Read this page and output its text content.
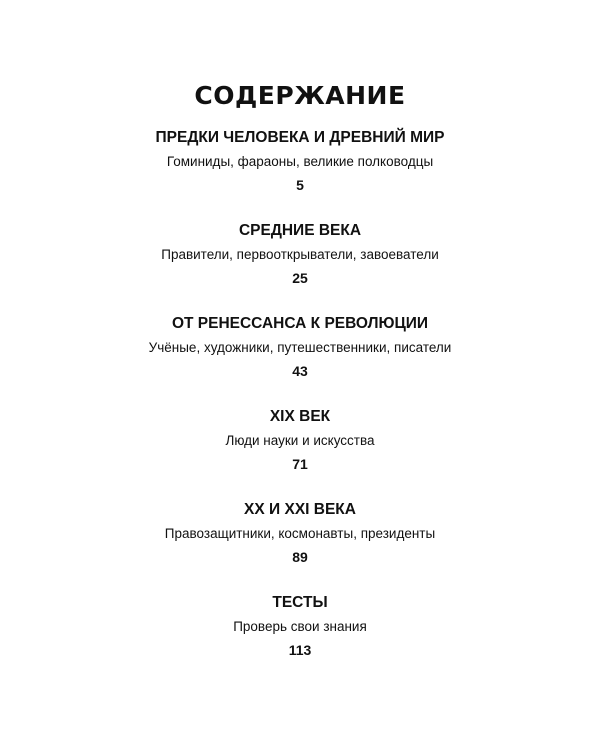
СОДЕРЖАНИЕ
ПРЕДКИ ЧЕЛОВЕКА И ДРЕВНИЙ МИР
Гоминиды, фараоны, великие полководцы
5
СРЕДНИЕ ВЕКА
Правители, первооткрыватели, завоеватели
25
ОТ РЕНЕССАНСА К РЕВОЛЮЦИИ
Учёные, художники, путешественники, писатели
43
XIX ВЕК
Люди науки и искусства
71
XX И XXI ВЕКА
Правозащитники, космонавты, президенты
89
ТЕСТЫ
Проверь свои знания
113
